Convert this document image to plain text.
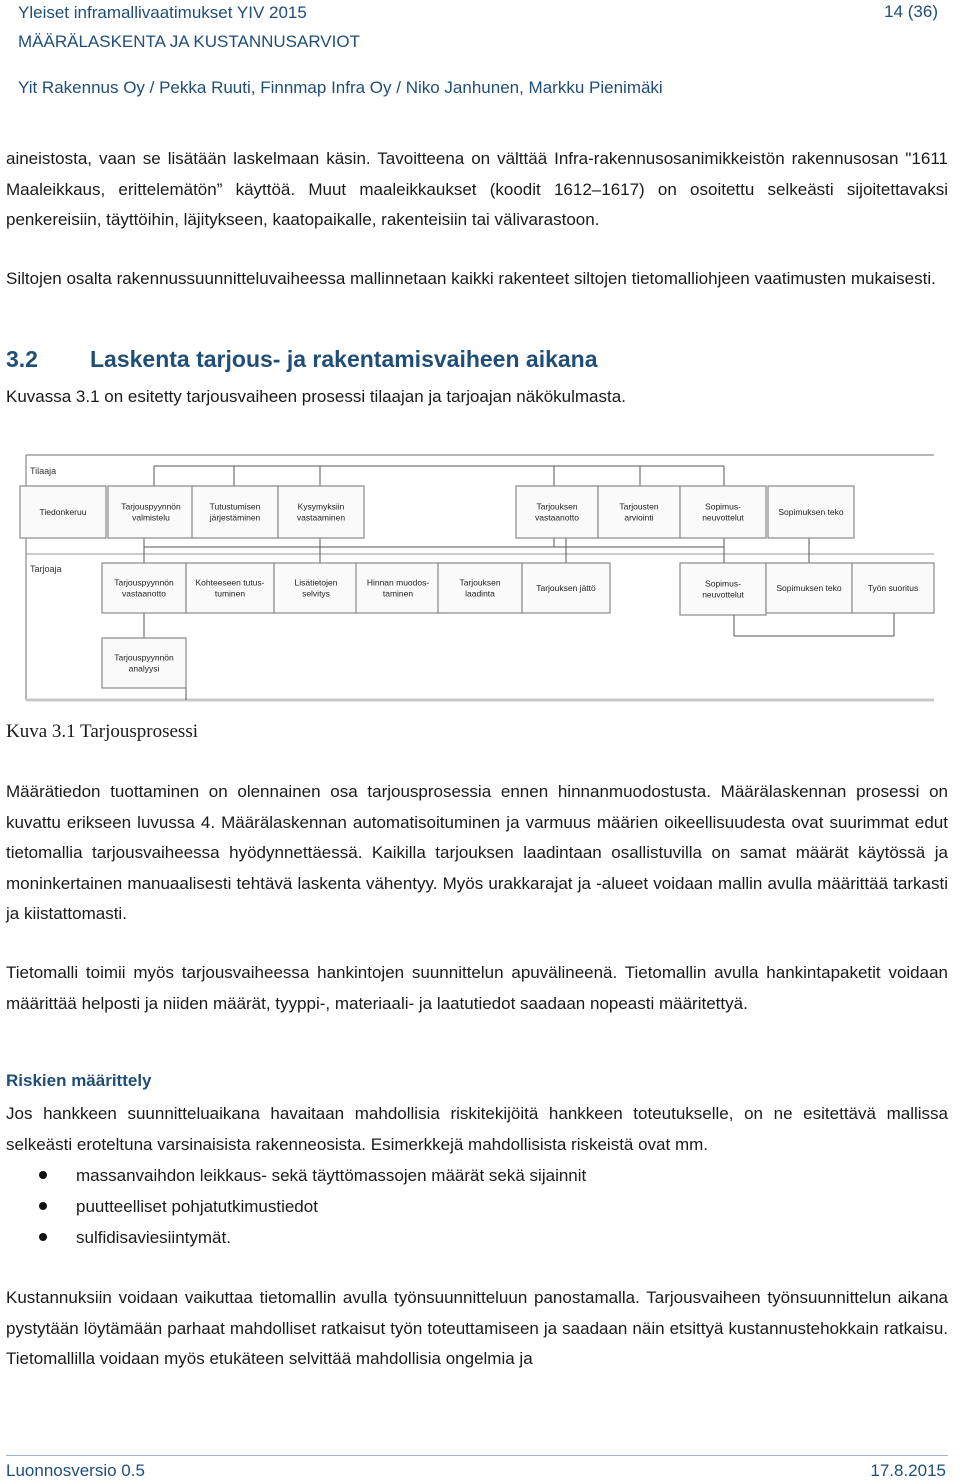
Yleiset inframallivaatimukset YIV 2015	14 (36)
MÄÄRÄLASKENTA JA KUSTANNUSARVIOT
Yit Rakennus Oy / Pekka Ruuti, Finnmap Infra Oy / Niko Janhunen, Markku Pienimäki

aineistosta, vaan se lisätään laskelmaan käsin. Tavoitteena on välttää Infra-rakennusosanimikkeistön rakennusosan "1611 Maaleikkaus, erittelemätön” käyttöä. Muut maaleikkaukset (koodit 1612–1617) on osoitettu selkeästi sijoitettavaksi penkereisiin, täyttöihin, läjitykseen, kaatopaikalle, rakenteisiin tai välivarastoon.

Siltojen osalta rakennussuunnitteluvaiheessa mallinnetaan kaikki rakenteet siltojen tietomalliohjeen vaatimusten mukaisesti.

3.2 Laskenta tarjous- ja rakentamisvaiheen aikana

Kuvassa 3.1 on esitetty tarjousvaiheen prosessi tilaajan ja tarjoajan näkökulmasta.

Tilaaja
Tarjoaja
Tiedonkeruu
Tarjouspyynnön
valmistelu
Tutustumisen
järjestäminen
Kysymyksiin
vastaaminen
Tarjouksen
vastaanotto
Tarjousten
arviointi
Sopimus-
neuvottelut
Sopimuksen teko
Tarjouspyynnön
vastaanotto
Kohteeseen tutus-
tuminen
Lisätietojen
selvitys
Hinnan muodos-
taminen
Tarjouksen
laadinta
Tarjouksen jättö	Sopimus-
neuvottelut
Sopimuksen teko	Työn suoritus
Tarjouspyynnön
analyysi
Kuva 3.1 Tarjousprosessi

Määrätiedon tuottaminen on olennainen osa tarjousprosessia ennen hinnanmuodostusta. Määrälaskennan prosessi on kuvattu erikseen luvussa 4. Määrälaskennan automatisoituminen ja varmuus määrien oikeellisuudesta ovat suurimmat edut tietomallia tarjousvaiheessa hyödynnettäessä. Kaikilla tarjouksen laadintaan osallistuvilla on samat määrät käytössä ja moninkertainen manuaalisesti tehtävä laskenta vähentyy. Myös urakkarajat ja -alueet voidaan mallin avulla määrittää tarkasti ja kiistattomasti.

Tietomalli toimii myös tarjousvaiheessa hankintojen suunnittelun apuvälineenä. Tietomallin avulla hankintapaketit voidaan määrittää helposti ja niiden määrät, tyyppi-, materiaali- ja laatutiedot saadaan nopeasti määritettyä.

Riskien määrittely

Jos hankkeen suunnitteluaikana havaitaan mahdollisia riskitekijöitä hankkeen toteutukselle, on ne esitettävä mallissa selkeästi eroteltuna varsinaisista rakenneosista. Esimerkkejä mahdollisista riskeistä ovat mm.

massanvaihdon leikkaus- sekä täyttömassojen määrät sekä sijainnit
puutteelliset pohjatutkimustiedot
sulfidisaviesiintymät.

Kustannuksiin voidaan vaikuttaa tietomallin avulla työnsuunnitteluun panostamalla. Tarjousvaiheen työnsuunnittelun aikana pystytään löytämään parhaat mahdolliset ratkaisut työn toteuttamiseen ja saadaan näin etsittyä kustannustehokkain ratkaisu. Tietomallilla voidaan myös etukäteen selvittää mahdollisia ongelmia ja

Luonnosversio 0.5	17.8.2015
